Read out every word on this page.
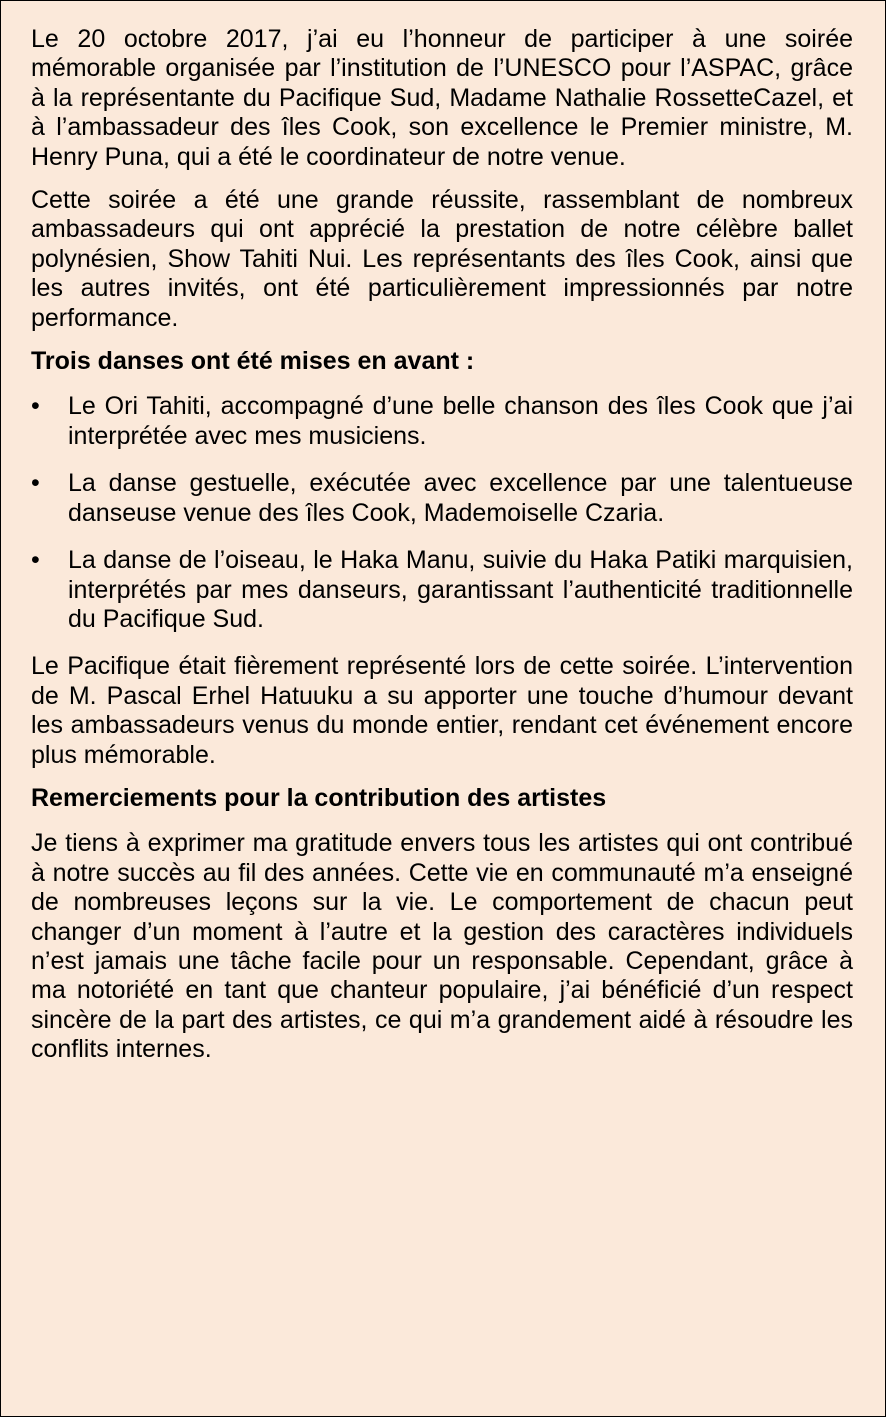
Le 20 octobre 2017, j’ai eu l’honneur de participer à une soirée mémorable organisée par l’institution de l’UNESCO pour l’ASPAC, grâce à la représentante du Pacifique Sud, Madame Nathalie RossetteCazel, et à l’ambassadeur des îles Cook, son excellence le Premier ministre, M. Henry Puna, qui a été le coordinateur de notre venue.

Cette soirée a été une grande réussite, rassemblant de nombreux ambassadeurs qui ont apprécié la prestation de notre célèbre ballet polynésien, Show Tahiti Nui. Les représentants des îles Cook, ainsi que les autres invités, ont été particulièrement impressionnés par notre performance.

Trois danses ont été mises en avant :
•	Le Ori Tahiti, accompagné d’une belle chanson des îles Cook que j’ai interprétée avec mes musiciens.
•	La danse gestuelle, exécutée avec excellence par une talentueuse danseuse venue des îles Cook, Mademoiselle Czaria.
•	La danse de l’oiseau, le Haka Manu, suivie du Haka Patiki marquisien, interprétés par mes danseurs, garantissant l’authenticité traditionnelle du Pacifique Sud.

Le Pacifique était fièrement représenté lors de cette soirée. L’intervention de M. Pascal Erhel Hatuuku a su apporter une touche d’humour devant les ambassadeurs venus du monde entier, rendant cet événement encore plus mémorable.

Remerciements pour la contribution des artistes

Je tiens à exprimer ma gratitude envers tous les artistes qui ont contribué à notre succès au fil des années. Cette vie en communauté m’a enseigné de nombreuses leçons sur la vie. Le comportement de chacun peut changer d’un moment à l’autre et la gestion des caractères individuels n’est jamais une tâche facile pour un responsable. Cependant, grâce à ma notoriété en tant que chanteur populaire, j’ai bénéficié d’un respect sincère de la part des artistes, ce qui m’a grandement aidé à résoudre les conflits internes.
